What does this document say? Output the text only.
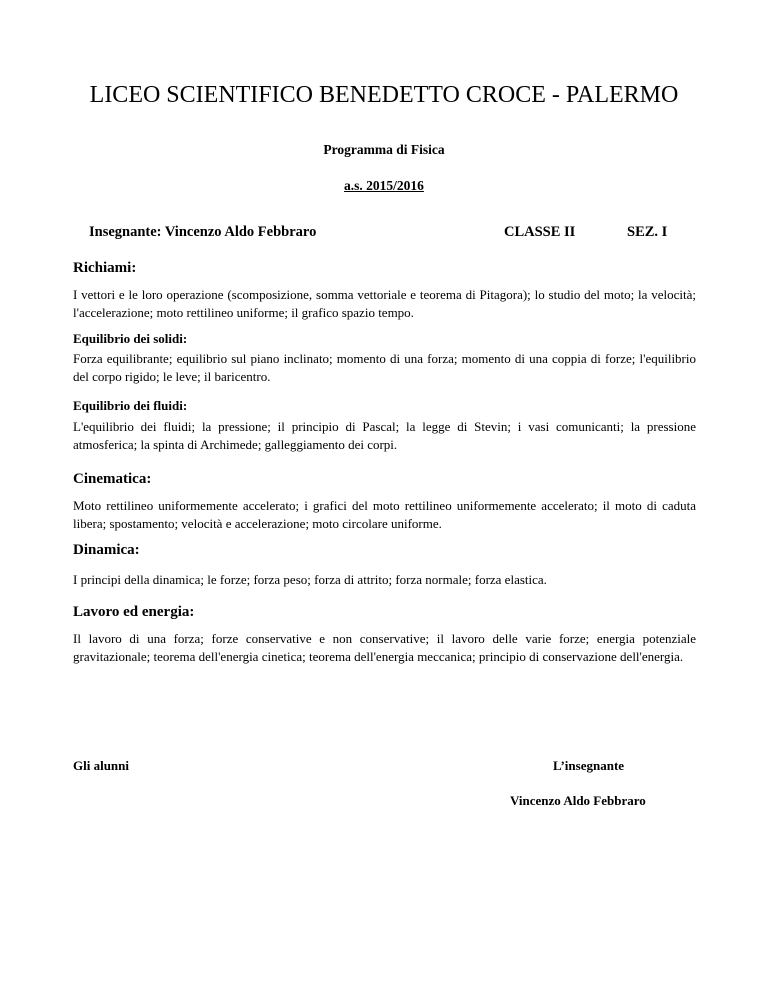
LICEO SCIENTIFICO BENEDETTO CROCE - PALERMO
Programma di Fisica
a.s. 2015/2016
Insegnante: Vincenzo Aldo Febbraro	CLASSE II	SEZ. I
Richiami:
I vettori e le loro operazione (scomposizione, somma vettoriale e teorema di Pitagora); lo studio del moto; la velocità; l'accelerazione; moto rettilineo uniforme; il grafico spazio tempo.
Equilibrio dei solidi:
Forza equilibrante; equilibrio sul piano inclinato; momento di una forza; momento di una coppia di forze; l'equilibrio del corpo rigido; le leve; il baricentro.
Equilibrio dei fluidi:
L'equilibrio dei fluidi; la pressione; il principio di Pascal; la legge di Stevin; i vasi comunicanti; la pressione atmosferica; la spinta di Archimede; galleggiamento dei corpi.
Cinematica:
Moto rettilineo uniformemente accelerato; i grafici del moto rettilineo uniformemente accelerato; il moto di caduta libera; spostamento; velocità e accelerazione; moto circolare uniforme.
Dinamica:
I principi della dinamica; le forze; forza peso; forza di attrito; forza normale; forza elastica.
Lavoro ed energia:
Il lavoro di una forza; forze conservative e non conservative; il lavoro delle varie forze; energia potenziale gravitazionale; teorema dell'energia cinetica; teorema dell'energia meccanica; principio di conservazione dell'energia.
Gli alunni	L’insegnante
Vincenzo Aldo Febbraro
